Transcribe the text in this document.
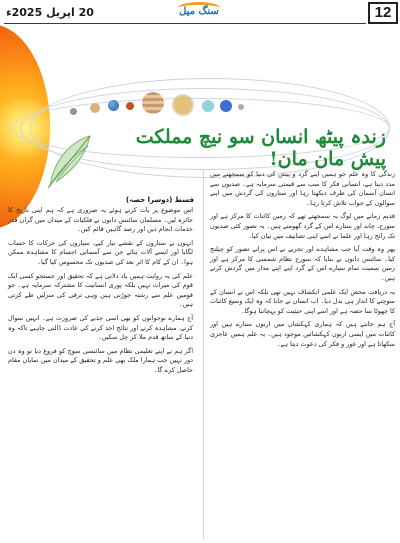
20 اپریل 2025ء	سنگ میل	12
زندہ پیٹھ انسان سو نیچ مملکت پیش مان مان!
قسط (دوسرا حصہ)

زندگی کا وہ علم جو ہمیں اپنے گرد و پیش کی دنیا کو سمجھنے میں مدد دیتا ہے، انسانی فکر کا سب سے قیمتی سرمایہ ہے۔ صدیوں سے انسان آسمان کی طرف دیکھتا رہا اور ستاروں کی گردش میں اپنے سوالوں کے جواب تلاش کرتا رہا۔

قدیم زمانے میں لوگ یہ سمجھتے تھے کہ زمین کائنات کا مرکز ہے اور سورج، چاند اور ستارے اس کے گرد گھومتے ہیں۔ یہ تصور کئی صدیوں تک رائج رہا اور علما نے اسے اپنی تصانیف میں بیان کیا۔

پھر وہ وقت آیا جب مشاہدے اور تجربے نے اس پرانے تصور کو چیلنج کیا۔ سائنس دانوں نے بتایا کہ سورج نظام شمسی کا مرکز ہے اور زمین سمیت تمام سیارے اس کے گرد اپنے اپنے مدار میں گردش کرتے ہیں۔

یہ دریافت محض ایک علمی انکشاف نہیں تھی بلکہ اس نے انسان کے سوچنے کا انداز ہی بدل دیا۔ اب انسان نے جانا کہ وہ ایک وسیع کائنات کا چھوٹا سا حصہ ہے اور اسے اپنی حیثیت کو پہچاننا ہوگا۔

آج ہم جانتے ہیں کہ ہماری کہکشاں میں اربوں ستارے ہیں اور کائنات میں ایسی اربوں کہکشائیں موجود ہیں۔ یہ علم ہمیں عاجزی سکھاتا ہے اور غور و فکر کی دعوت دیتا ہے۔

اس موضوع پر بات کرتے ہوئے یہ ضروری ہے کہ ہم اپنی تاریخ کا جائزہ لیں۔ مسلمان سائنس دانوں نے فلکیات کے میدان میں گراں قدر خدمات انجام دیں اور رصد گاہیں قائم کیں۔

انہوں نے ستاروں کے نقشے تیار کیے، سیاروں کی حرکات کا حساب لگایا اور ایسے آلات بنائے جن سے آسمانی اجسام کا مشاہدہ ممکن ہوا۔ ان کے کام کا اثر بعد کی صدیوں تک محسوس کیا گیا۔

علم کی یہ روایت ہمیں یاد دلاتی ہے کہ تحقیق اور جستجو کسی ایک قوم کی میراث نہیں بلکہ پوری انسانیت کا مشترکہ سرمایہ ہے۔ جو قومیں علم سے رشتہ جوڑتی ہیں وہی ترقی کی منزلیں طے کرتی ہیں۔

آج ہمارے نوجوانوں کو بھی اسی جذبے کی ضرورت ہے۔ انہیں سوال کرنے، مشاہدہ کرنے اور نتائج اخذ کرنے کی عادت ڈالنی چاہیے تاکہ وہ دنیا کے ساتھ قدم ملا کر چل سکیں۔

اگر ہم نے اپنے تعلیمی نظام میں سائنسی سوچ کو فروغ دیا تو وہ دن دور نہیں جب ہمارا ملک بھی علم و تحقیق کے میدان میں نمایاں مقام حاصل کرے گا۔
